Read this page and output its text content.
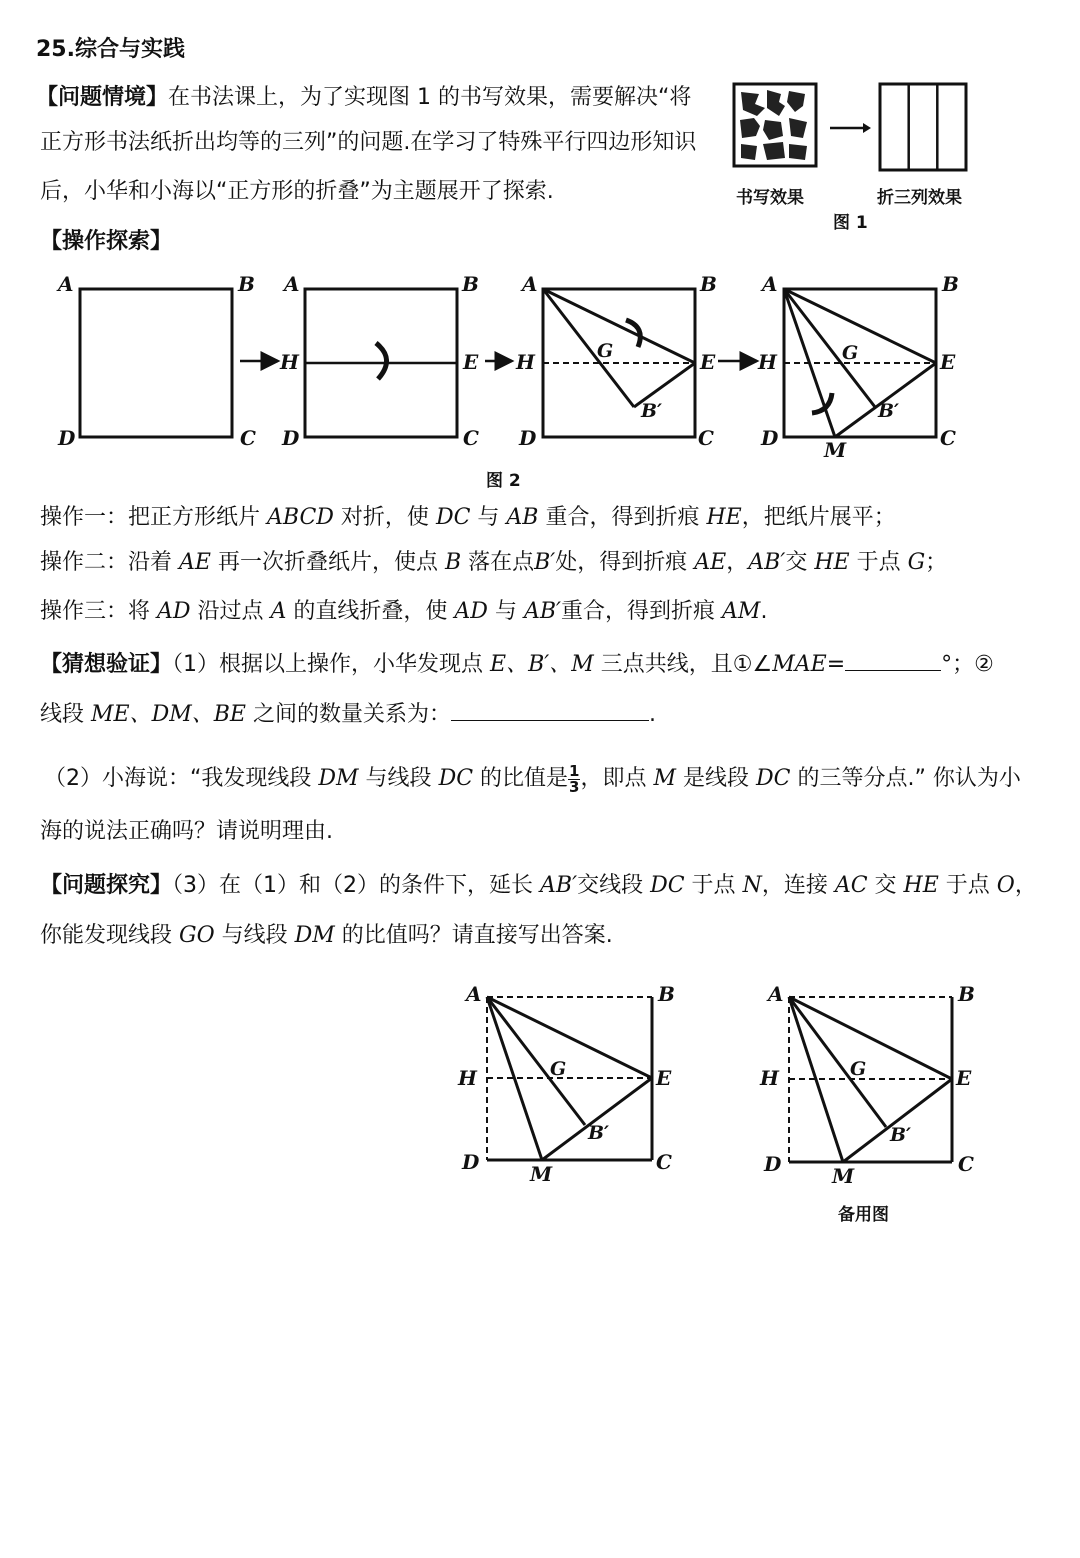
25.综合与实践
【问题情境】在书法课上，为了实现图 1 的书写效果，需要解决“将
正方形书法纸折出均等的三列”的问题.在学习了特殊平行四边形知识
后，小华和小海以“正方形的折叠”为主题展开了探索.	书写效果	折三列效果
图 1
【操作探索】
A	B
D	C
A	B
H	E
D	C
A	B
H	E
G
B′
D	C
A	B
H	E
G
B′
D M	C
图 2
操作一：把正方形纸片 ABCD 对折，使 DC 与 AB 重合，得到折痕 HE，把纸片展平；
操作二：沿着 AE 再一次折叠纸片，使点 B 落在点B′处，得到折痕 AE，AB′交 HE 于点 G；
操作三：将 AD 沿过点 A 的直线折叠，使 AD 与 AB′重合，得到折痕 AM.
【猜想验证】（1）根据以上操作，小华发现点 E、B′、M 三点共线，且①∠MAE=	°；②
线段 ME、DM、BE 之间的数量关系为：	.
（2）小海说：“我发现线段 DM 与线段 DC 的比值是 $\frac{1}{3}$ ，即点 M 是线段 DC 的三等分点.” 你认为小
海的说法正确吗？请说明理由.
【问题探究】（3）在（1）和（2）的条件下，延长 AB′交线段 DC 于点 N，连接 AC 交 HE 于点 O，
你能发现线段 GO 与线段 DM 的比值吗？请直接写出答案.
A	B
H	E
G
B′
D	M	C
A	B
H	E
G
B′
D	M	C
备用图
